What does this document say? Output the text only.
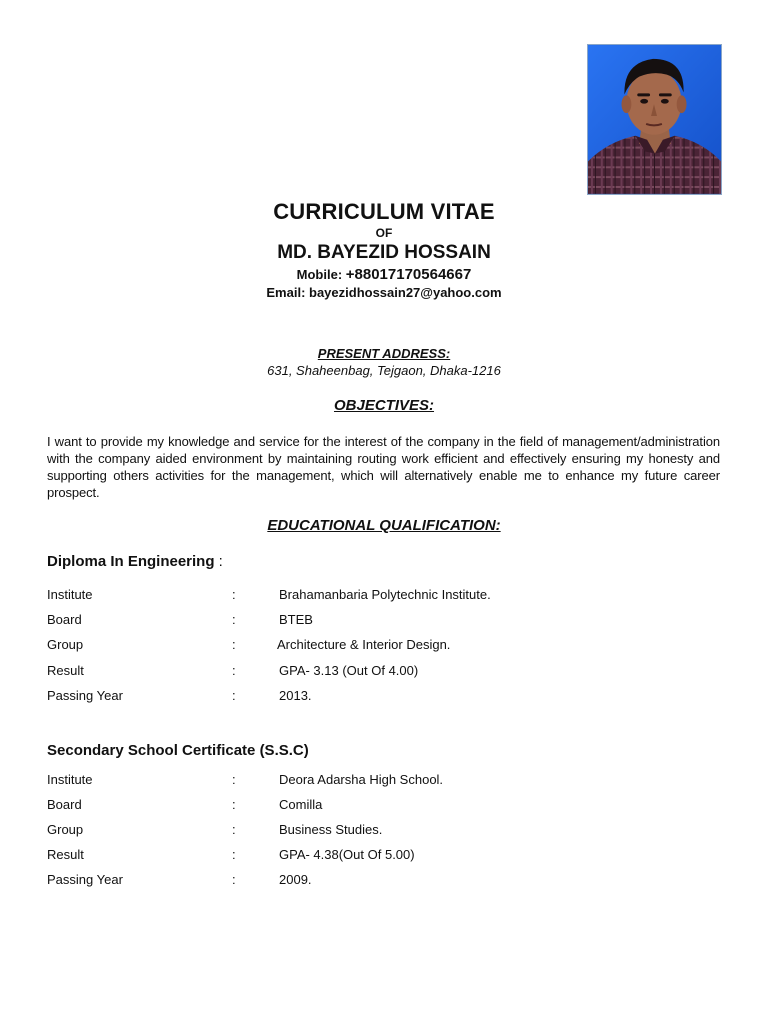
CURRICULUM VITAE
OF
MD. BAYEZID HOSSAIN
Mobile: +88017170564667
Email: bayezidhossain27@yahoo.com
PRESENT ADDRESS:
631, Shaheenbag, Tejgaon, Dhaka-1216
OBJECTIVES:
I want to provide my knowledge and service for the interest of the company in the field of management/administration with the company aided environment by maintaining routing work efficient and effectively ensuring my honesty and supporting others activities for the management, which will alternatively enable me to enhance my future career prospect.
EDUCATIONAL QUALIFICATION:
Diploma In Engineering :
Institute	:	Brahamanbaria Polytechnic Institute.
Board	:	BTEB
Group	:	Architecture & Interior Design.
Result	:	GPA- 3.13 (Out Of 4.00)
Passing Year	:	2013.
Secondary School Certificate (S.S.C)
Institute	:	Deora Adarsha High School.
Board	:	Comilla
Group	:	Business Studies.
Result	:	GPA- 4.38(Out Of 5.00)
Passing Year	:	2009.
